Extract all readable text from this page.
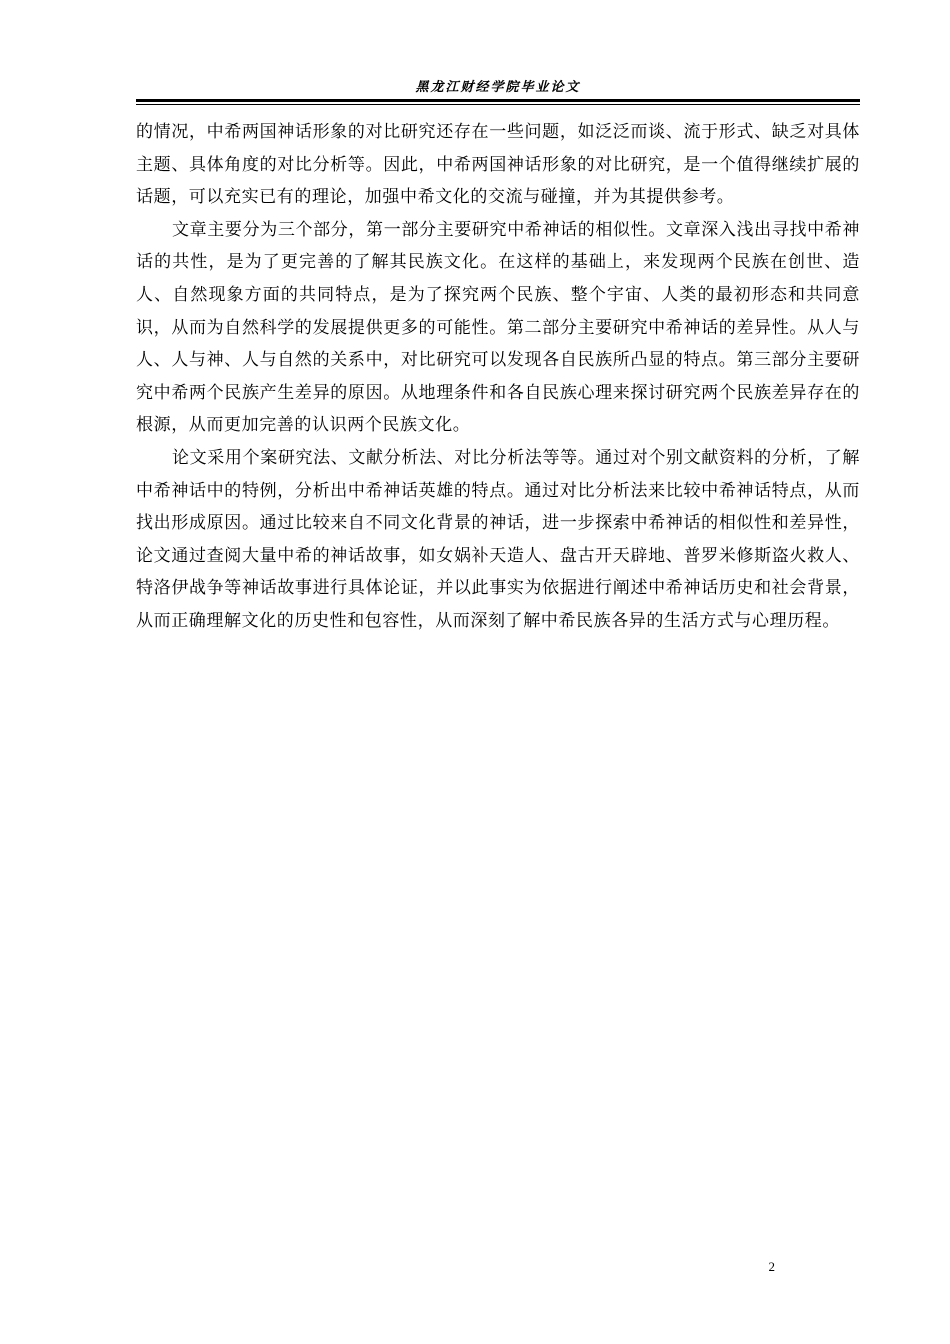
黑龙江财经学院毕业论文

的情况，中希两国神话形象的对比研究还存在一些问题，如泛泛而谈、流于形式、缺乏对具体主题、具体角度的对比分析等。因此，中希两国神话形象的对比研究，是一个值得继续扩展的话题，可以充实已有的理论，加强中希文化的交流与碰撞，并为其提供参考。

文章主要分为三个部分，第一部分主要研究中希神话的相似性。文章深入浅出寻找中希神话的共性，是为了更完善的了解其民族文化。在这样的基础上，来发现两个民族在创世、造人、自然现象方面的共同特点，是为了探究两个民族、整个宇宙、人类的最初形态和共同意识，从而为自然科学的发展提供更多的可能性。第二部分主要研究中希神话的差异性。从人与人、人与神、人与自然的关系中，对比研究可以发现各自民族所凸显的特点。第三部分主要研究中希两个民族产生差异的原因。从地理条件和各自民族心理来探讨研究两个民族差异存在的根源，从而更加完善的认识两个民族文化。

论文采用个案研究法、文献分析法、对比分析法等等。通过对个别文献资料的分析，了解中希神话中的特例，分析出中希神话英雄的特点。通过对比分析法来比较中希神话特点，从而找出形成原因。通过比较来自不同文化背景的神话，进一步探索中希神话的相似性和差异性，论文通过查阅大量中希的神话故事，如女娲补天造人、盘古开天辟地、普罗米修斯盗火救人、特洛伊战争等神话故事进行具体论证，并以此事实为依据进行阐述中希神话历史和社会背景，从而正确理解文化的历史性和包容性，从而深刻了解中希民族各异的生活方式与心理历程。

2
